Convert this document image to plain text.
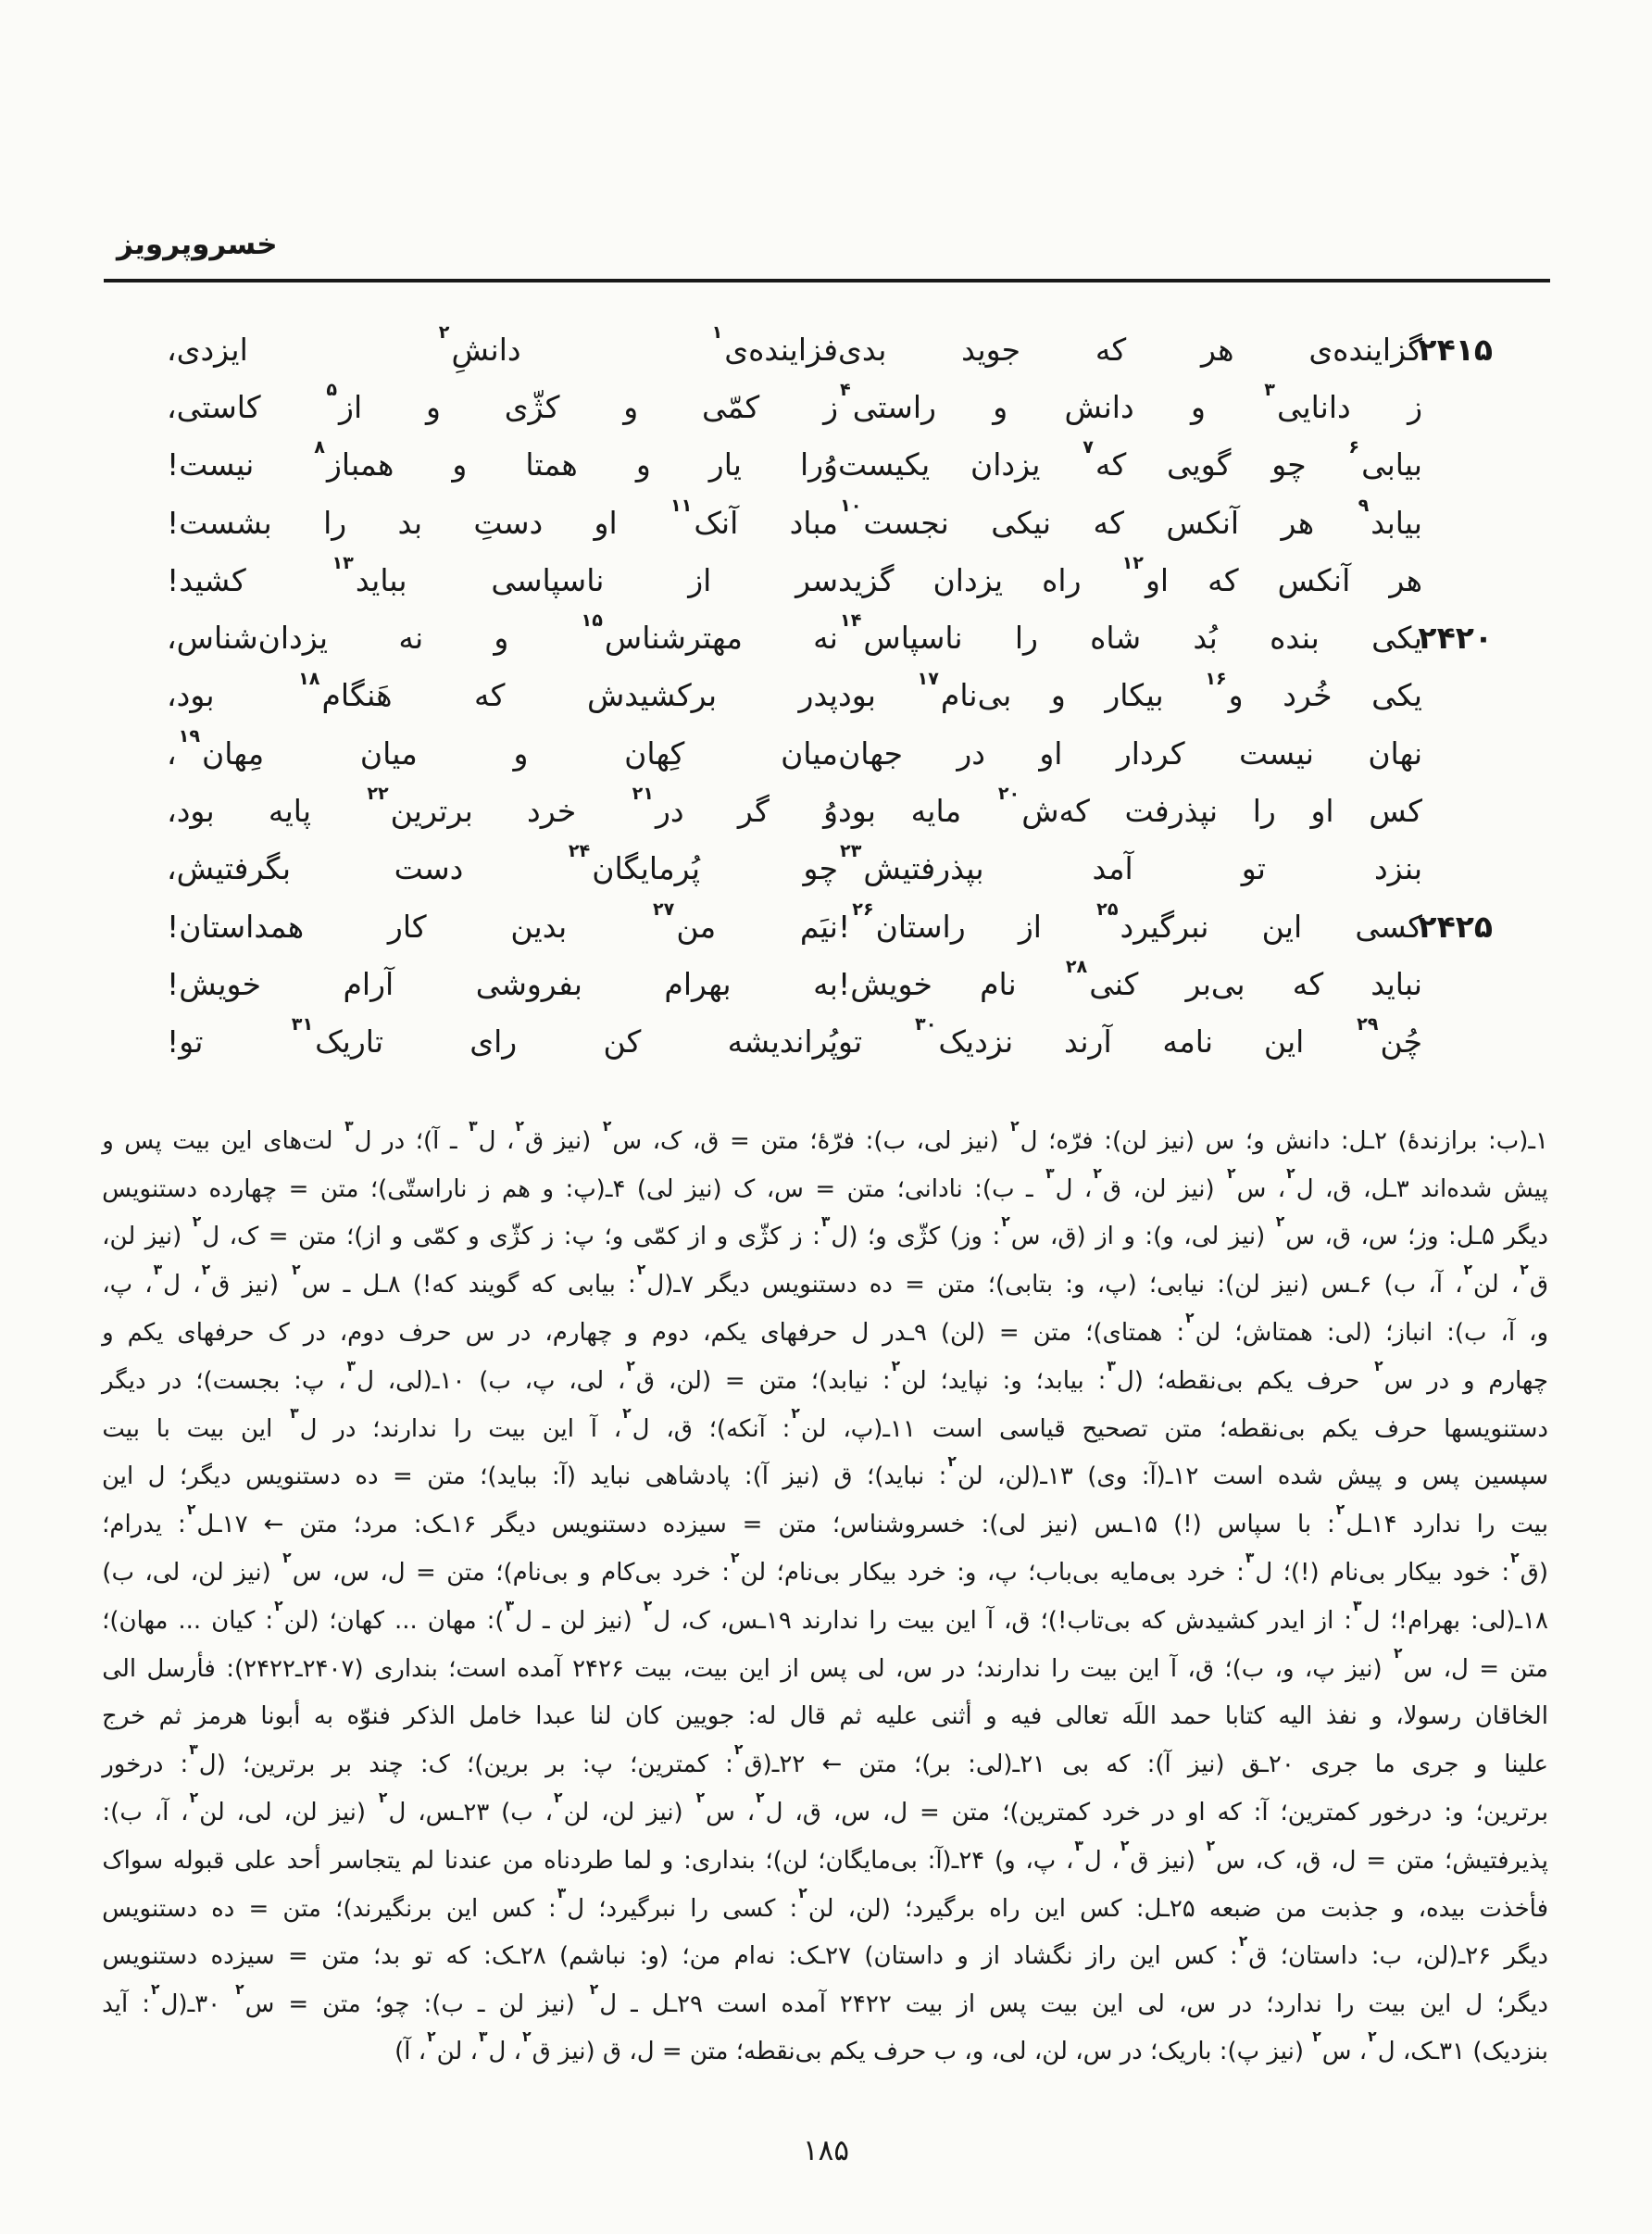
خسروپرویز
۲۴۱۵
گزاینده‌ی
هر
که
جوید
بدی
فزاینده‌ی$^۱$
دانشِ$^۲$
ایزدی،
ز
دانایی$^۳$
و
دانش
و
راستی$^۴$
ز
کمّی
و
کژّی
و
از$^۵$
کاستی،
بیابی$^۶$
چو
گویی
که$^۷$
یزدان
یکیست
وُرا
یار
و
همتا
و
همباز$^۸$
نیست!
بیابد$^۹$
هر
آنکس
که
نیکی
نجست$^{۱۰}$
مباد
آنک$^{۱۱}$
او
دستِ
بد
را
بشست!
هر
آنکس
که
او$^{۱۲}$
راه
یزدان
گزید
سر
از
ناسپاسی
بباید$^{۱۳}$
کشید!
۲۴۲۰
یکی
بنده
بُد
شاه
را
ناسپاس$^{۱۴}$
نه
مهترشناس$^{۱۵}$
و
نه
یزدان‌شناس،
یکی
خُرد
و$^{۱۶}$
بیکار
و
بی‌نام$^{۱۷}$
بود
پدر
برکشیدش
که
هَنگام$^{۱۸}$
بود،
نهان
نیست
کردار
او
در
جهان
میان
کِهان
و
میان
مِهان$^{۱۹}$،
کس
او
را
نپذرفت
که‌ش$^{۲۰}$
مایه
بود
وُ
گر
در$^{۲۱}$
خرد
برترین$^{۲۲}$
پایه
بود،
بنزد
تو
آمد
بپذرفتیش$^{۲۳}$
چو
پُرمایگان$^{۲۴}$
دست
بگرفتیش،
۲۴۲۵
کسی
این
نبرگیرد$^{۲۵}$
از
راستان$^{۲۶}$!
نیَم
من$^{۲۷}$
بدین
کار
همداستان!
نباید
که
بی‌بر
کنی$^{۲۸}$
نام
خویش!
به
بهرام
بفروشی
آرام
خویش!
چُن$^{۲۹}$
این
نامه
آرند
نزدیک$^{۳۰}$
تو
پُراندیشه
کن
رای
تاریک$^{۳۱}$
تو!
۱ـ(ب:
برازندهٔ)
۲ـل:
دانش
و؛
س
(نیز
لن):
فرّه؛
ل$^۲$
(نیز
لی،
ب):
فرّهٔ؛
متن
=
ق،
ک،
س$^۲$
(نیز
ق$^۲$،
ل$^۳$
ـ
آ)؛
در
ل$^۳$
لت‌های
این
بیت
پس
و
پیش
شده‌اند
۳ـل،
ق،
ل$^۲$،
س$^۲$
(نیز
لن،
ق$^۲$،
ل$^۳$
ـ
ب):
نادانی؛
متن
=
س،
ک
(نیز
لی)
۴ـ(پ:
و
هم
ز
ناراستّی)؛
متن
=
چهارده
دستنویس
دیگر
۵ـل:
وز؛
س،
ق،
س$^۲$
(نیز
لی،
و):
و
از
(ق،
س$^۲$:
وز)
کژّی
و؛
(ل$^۳$:
ز
کژّی
و
از
کمّی
و؛
پ:
ز
کژّی
و
کمّی
و
از)؛
متن
=
ک،
ل$^۲$
(نیز
لن،
ق$^۲$،
لن$^۲$،
آ،
ب)
۶ـس
(نیز
لن):
نیابی؛
(پ،
و:
بتابی)؛
متن
=
ده
دستنویس
دیگر
۷ـ(ل$^۲$:
بیابی
که
گویند
که!)
۸ـل
ـ
س$^۲$
(نیز
ق$^۲$،
ل$^۳$،
پ،
و،
آ،
ب):
انباز؛
(لی:
همتاش؛
لن$^۲$:
همتای)؛
متن
=
(لن)
۹ـدر
ل
حرفهای
یکم،
دوم
و
چهارم،
در
س
حرف
دوم،
در
ک
حرفهای
یکم
و
چهارم
و
در
س$^۲$
حرف
یکم
بی‌نقطه؛
(ل$^۳$:
بیابد؛
و:
نپاید؛
لن$^۲$:
نیابد)؛
متن
=
(لن،
ق$^۲$،
لی،
پ،
ب)
۱۰ـ(لی،
ل$^۳$،
پ:
بجست)؛
در
دیگر
دستنویسها
حرف
یکم
بی‌نقطه؛
متن
تصحیح
قیاسی
است
۱۱ـ(پ،
لن$^۲$:
آنکه)؛
ق،
ل$^۲$،
آ
این
بیت
را
ندارند؛
در
ل$^۳$
این
بیت
با
بیت
سپسین
پس
و
پیش
شده
است
۱۲ـ(آ:
وی)
۱۳ـ(لن،
لن$^۲$:
نباید)؛
ق
(نیز
آ):
پادشاهی
نباید
(آ:
بباید)؛
متن
=
ده
دستنویس
دیگر؛
ل
این
بیت
را
ندارد
۱۴ـل$^۲$:
با
سپاس
(!)
۱۵ـس
(نیز
لی):
خسروشناس؛
متن
=
سیزده
دستنویس
دیگر
۱۶ـک:
مرد؛
متن
←
۱۷ـل$^۲$:
یدرام؛
(ق$^۲$:
خود
بیکار
بی‌نام
(!)؛
ل$^۳$:
خرد
بی‌مایه
بی‌باب؛
پ،
و:
خرد
بیکار
بی‌نام؛
لن$^۲$:
خرد
بی‌کام
و
بی‌نام)؛
متن
=
ل،
س،
س$^۲$
(نیز
لن،
لی،
ب)
۱۸ـ(لی:
بهرام!؛
ل$^۳$:
از
ایدر
کشیدش
که
بی‌تاب!)؛
ق،
آ
این
بیت
را
ندارند
۱۹ـس،
ک،
ل$^۲$
(نیز
لن
ـ
ل$^۳$):
مهان
...
کهان؛
(لن$^۲$:
کیان
...
مهان)؛
متن
=
ل،
س$^۲$
(نیز
پ،
و،
ب)؛
ق،
آ
این
بیت
را
ندارند؛
در
س،
لی
پس
از
این
بیت،
بیت
۲۴۲۶
آمده
است؛
بنداری
(۲۴۰۷ـ۲۴۲۲):
فأرسل
الی
الخاقان
رسولا،
و
نفذ
الیه
کتابا
حمد
اللَه
تعالی
فیه
و
أثنی
علیه
ثم
قال
له:
جویین
کان
لنا
عبدا
خامل
الذکر
فنوّه
به
أبونا
هرمز
ثم
خرج
علینا
و
جری
ما
جری
۲۰ـق
(نیز
آ):
که
بی
۲۱ـ(لی:
بر)؛
متن
←
۲۲ـ(ق$^۲$:
کمترین؛
پ:
بر
برین)؛
ک:
چند
بر
برترین؛
(ل$^۳$:
درخور
برترین؛
و:
درخور
کمترین؛
آ:
که
او
در
خرد
کمترین)؛
متن
=
ل،
س،
ق،
ل$^۲$،
س$^۲$
(نیز
لن،
لن$^۲$،
ب)
۲۳ـس،
ل$^۲$
(نیز
لن،
لی،
لن$^۲$،
آ،
ب):
پذیرفتیش؛
متن
=
ل،
ق،
ک،
س$^۲$
(نیز
ق$^۲$،
ل$^۳$،
پ،
و)
۲۴ـ(آ:
بی‌مایگان؛
لن)؛
بنداری:
و
لما
طردناه
من
عندنا
لم
یتجاسر
أحد
علی
قبوله
سواک
فأخذت
بیده،
و
جذبت
من
ضبعه
۲۵ـل:
کس
این
راه
برگیرد؛
(لن،
لن$^۲$:
کسی
را
نبرگیرد؛
ل$^۳$:
کس
این
برنگیرند)؛
متن
=
ده
دستنویس
دیگر
۲۶ـ(لن،
ب:
داستان؛
ق$^۲$:
کس
این
راز
نگشاد
از
و
داستان)
۲۷ـک:
نه‌ام
من؛
(و:
نباشم)
۲۸ـک:
که
تو
بد؛
متن
=
سیزده
دستنویس
دیگر؛
ل
این
بیت
را
ندارد؛
در
س،
لی
این
بیت
پس
از
بیت
۲۴۲۲
آمده
است
۲۹ـل
ـ
ل$^۲$
(نیز
لن
ـ
ب):
چو؛
متن
=
س$^۲$
۳۰ـ(ل$^۲$:
آید
بنزدیک) ۳۱ـک، ل$^۲$، س$^۲$ (نیز پ): باریک؛ در س، لن، لی، و، ب حرف یکم بی‌نقطه؛ متن = ل، ق (نیز ق$^۲$، ل$^۳$، لن$^۲$، آ)
۱۸۵
